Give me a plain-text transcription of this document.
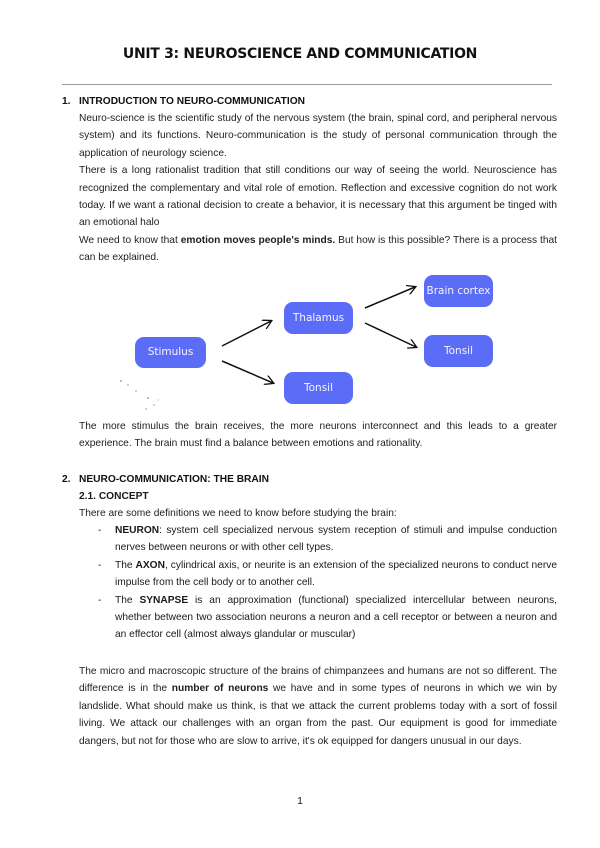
UNIT 3: NEUROSCIENCE AND COMMUNICATION
1. INTRODUCTION TO NEURO-COMMUNICATION

Neuro-science is the scientific study of the nervous system (the brain, spinal cord, and peripheral nervous system) and its functions. Neuro-communication is the study of personal communication through the application of neurology science.

There is a long rationalist tradition that still conditions our way of seeing the world. Neuroscience has recognized the complementary and vital role of emotion. Reflection and excessive cognition do not work today. If we want a rational decision to create a behavior, it is necessary that this argument be tinged with an emotional halo

We need to know that emotion moves people's minds. But how is this possible? There is a process that can be explained.

Stimulus
Thalamus
Brain cortex
Tonsil
Tonsil

The more stimulus the brain receives, the more neurons interconnect and this leads to a greater experience. The brain must find a balance between emotions and rationality.

2. NEURO-COMMUNICATION: THE BRAIN
2.1. CONCEPT

There are some definitions we need to know before studying the brain:

- NEURON: system cell specialized nervous system reception of stimuli and impulse conduction nerves between neurons or with other cell types.
- The AXON, cylindrical axis, or neurite is an extension of the specialized neurons to conduct nerve impulse from the cell body or to another cell.
- The SYNAPSE is an approximation (functional) specialized intercellular between neurons, whether between two association neurons a neuron and a cell receptor or between a neuron and an effector cell (almost always glandular or muscular)

The micro and macroscopic structure of the brains of chimpanzees and humans are not so different. The difference is in the number of neurons we have and in some types of neurons in which we win by landslide. What should make us think, is that we attack the current problems today with a sort of fossil living. We attack our challenges with an organ from the past. Our equipment is good for immediate dangers, but not for those who are slow to arrive, it's ok equipped for dangers unusual in our days.

1
